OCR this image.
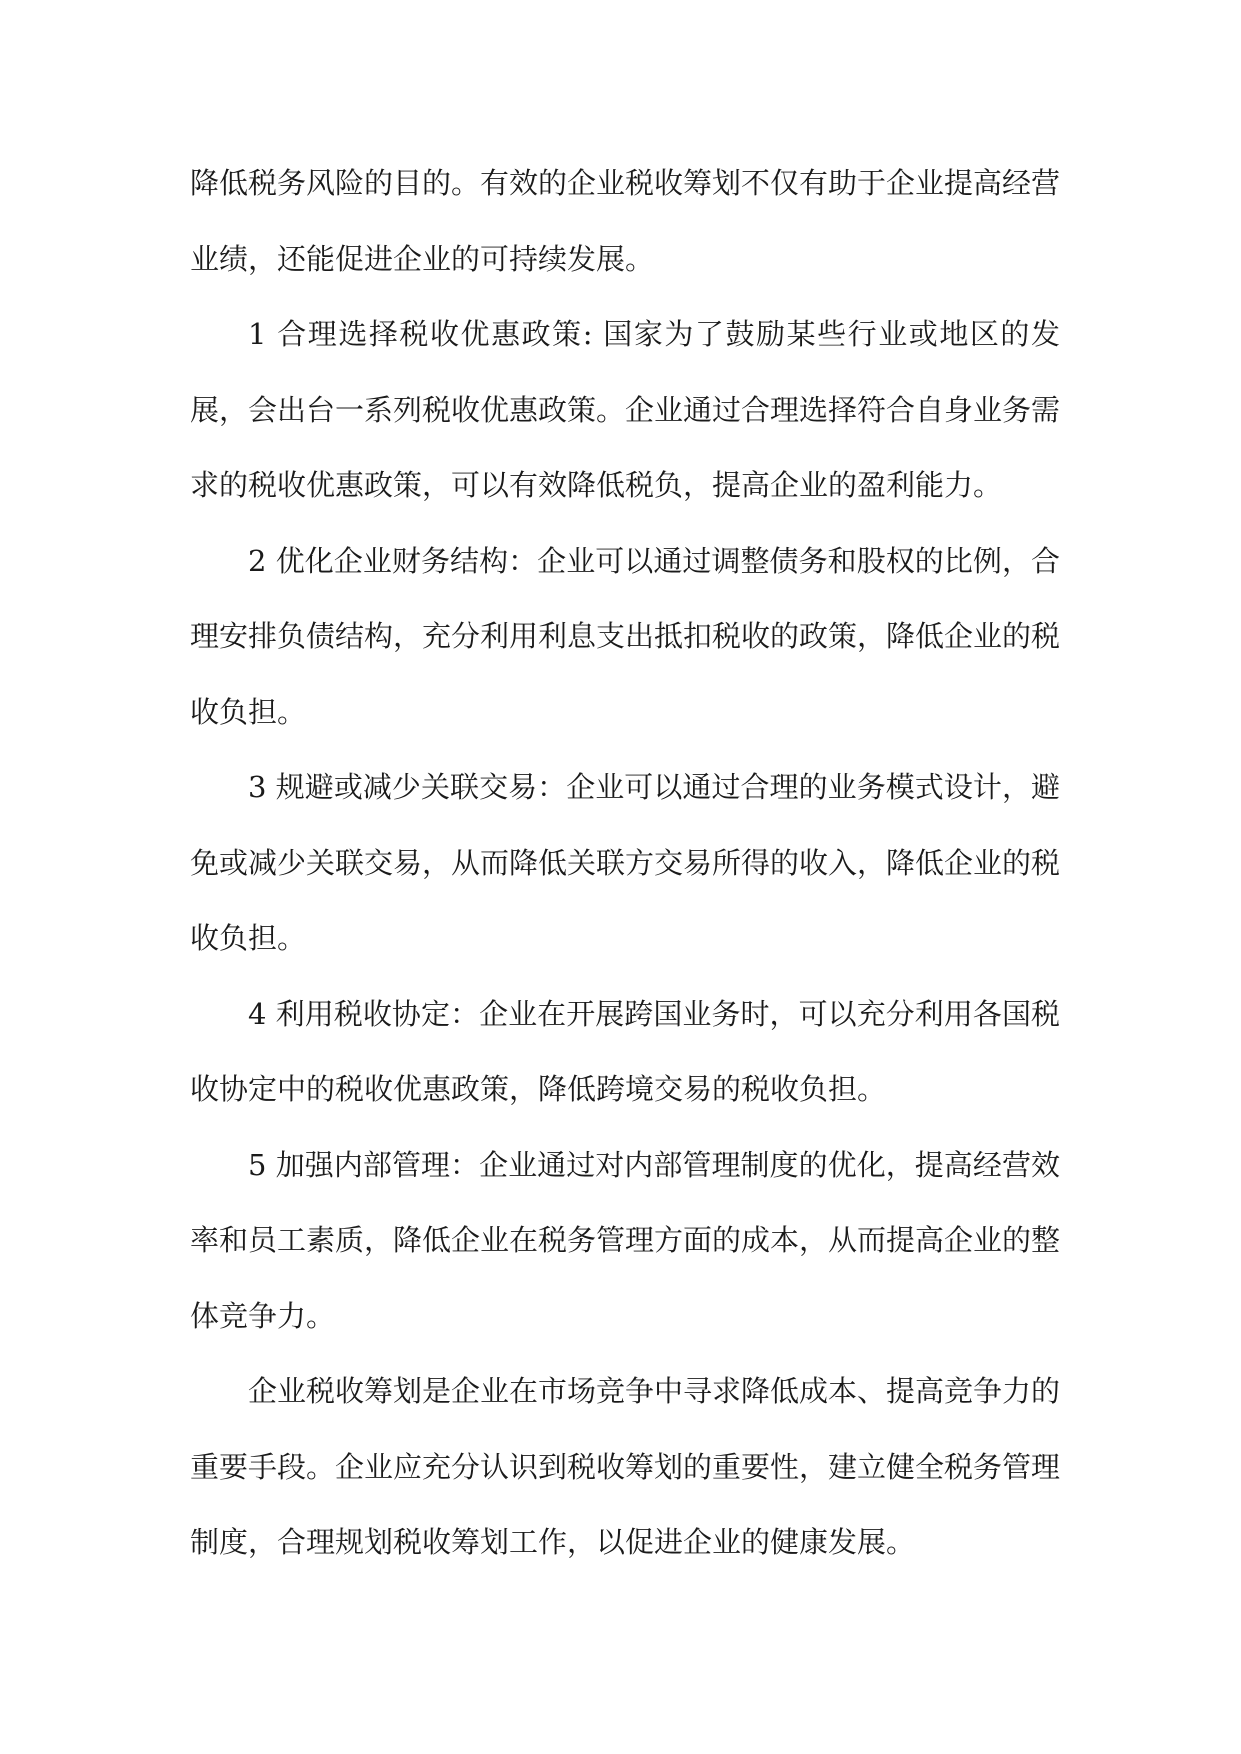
降低税务风险的目的。有效的企业税收筹划不仅有助于企业提高经营业绩，还能促进企业的可持续发展。

1 合理选择税收优惠政策: 国家为了鼓励某些行业或地区的发展，会出台一系列税收优惠政策。企业通过合理选择符合自身业务需求的税收优惠政策，可以有效降低税负，提高企业的盈利能力。

2 优化企业财务结构：企业可以通过调整债务和股权的比例，合理安排负债结构，充分利用利息支出抵扣税收的政策，降低企业的税收负担。

3 规避或减少关联交易：企业可以通过合理的业务模式设计，避免或减少关联交易，从而降低关联方交易所得的收入，降低企业的税收负担。

4 利用税收协定：企业在开展跨国业务时，可以充分利用各国税收协定中的税收优惠政策，降低跨境交易的税收负担。

5 加强内部管理：企业通过对内部管理制度的优化，提高经营效率和员工素质，降低企业在税务管理方面的成本，从而提高企业的整体竞争力。

企业税收筹划是企业在市场竞争中寻求降低成本、提高竞争力的重要手段。企业应充分认识到税收筹划的重要性，建立健全税务管理制度，合理规划税收筹划工作，以促进企业的健康发展。
